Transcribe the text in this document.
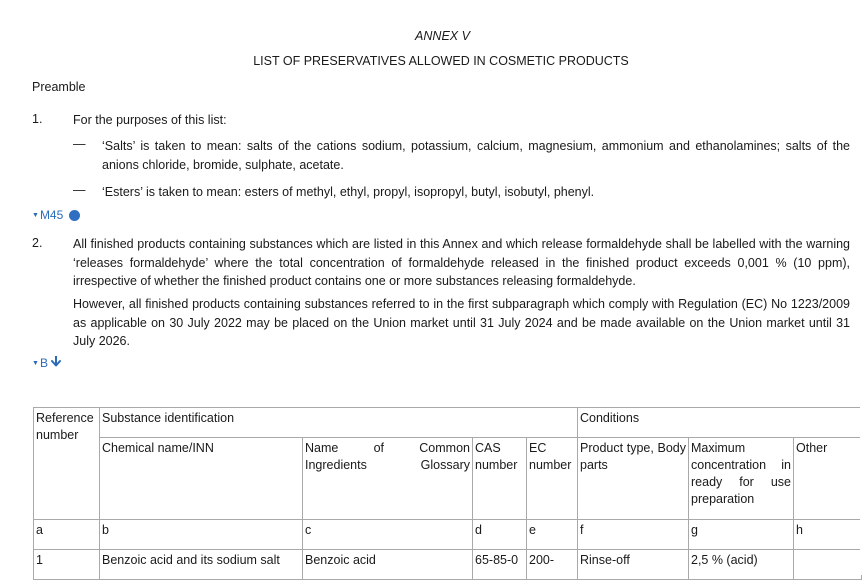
ANNEX V
LIST OF PRESERVATIVES ALLOWED IN COSMETIC PRODUCTS
Preamble
1. For the purposes of this list:
— ‘Salts’ is taken to mean: salts of the cations sodium, potassium, calcium, magnesium, ammonium and ethanolamines; salts of the anions chloride, bromide, sulphate, acetate.
— ‘Esters’ is taken to mean: esters of methyl, ethyl, propyl, isopropyl, butyl, isobutyl, phenyl.
▼ M45
2. All finished products containing substances which are listed in this Annex and which release formaldehyde shall be labelled with the warning ‘releases formaldehyde’ where the total concentration of formaldehyde released in the finished product exceeds 0,001 % (10 ppm), irrespective of whether the finished product contains one or more substances releasing formaldehyde.
However, all finished products containing substances referred to in the first subparagraph which comply with Regulation (EC) No 1223/2009 as applicable on 30 July 2022 may be placed on the Union market until 31 July 2024 and be made available on the Union market until 31 July 2026.
▼ B
Reference number	Substance identification				Conditions		
	Chemical name/INN	Name of Common Ingredients Glossary	CAS number	EC number	Product type, Body parts	Maximum concentration in ready for use preparation	Other
a	b	c	d	e	f	g	h
1	Benzoic acid and its sodium salt	Benzoic acid	65-85-0	200-	Rinse-off	2,5 % (acid)	
